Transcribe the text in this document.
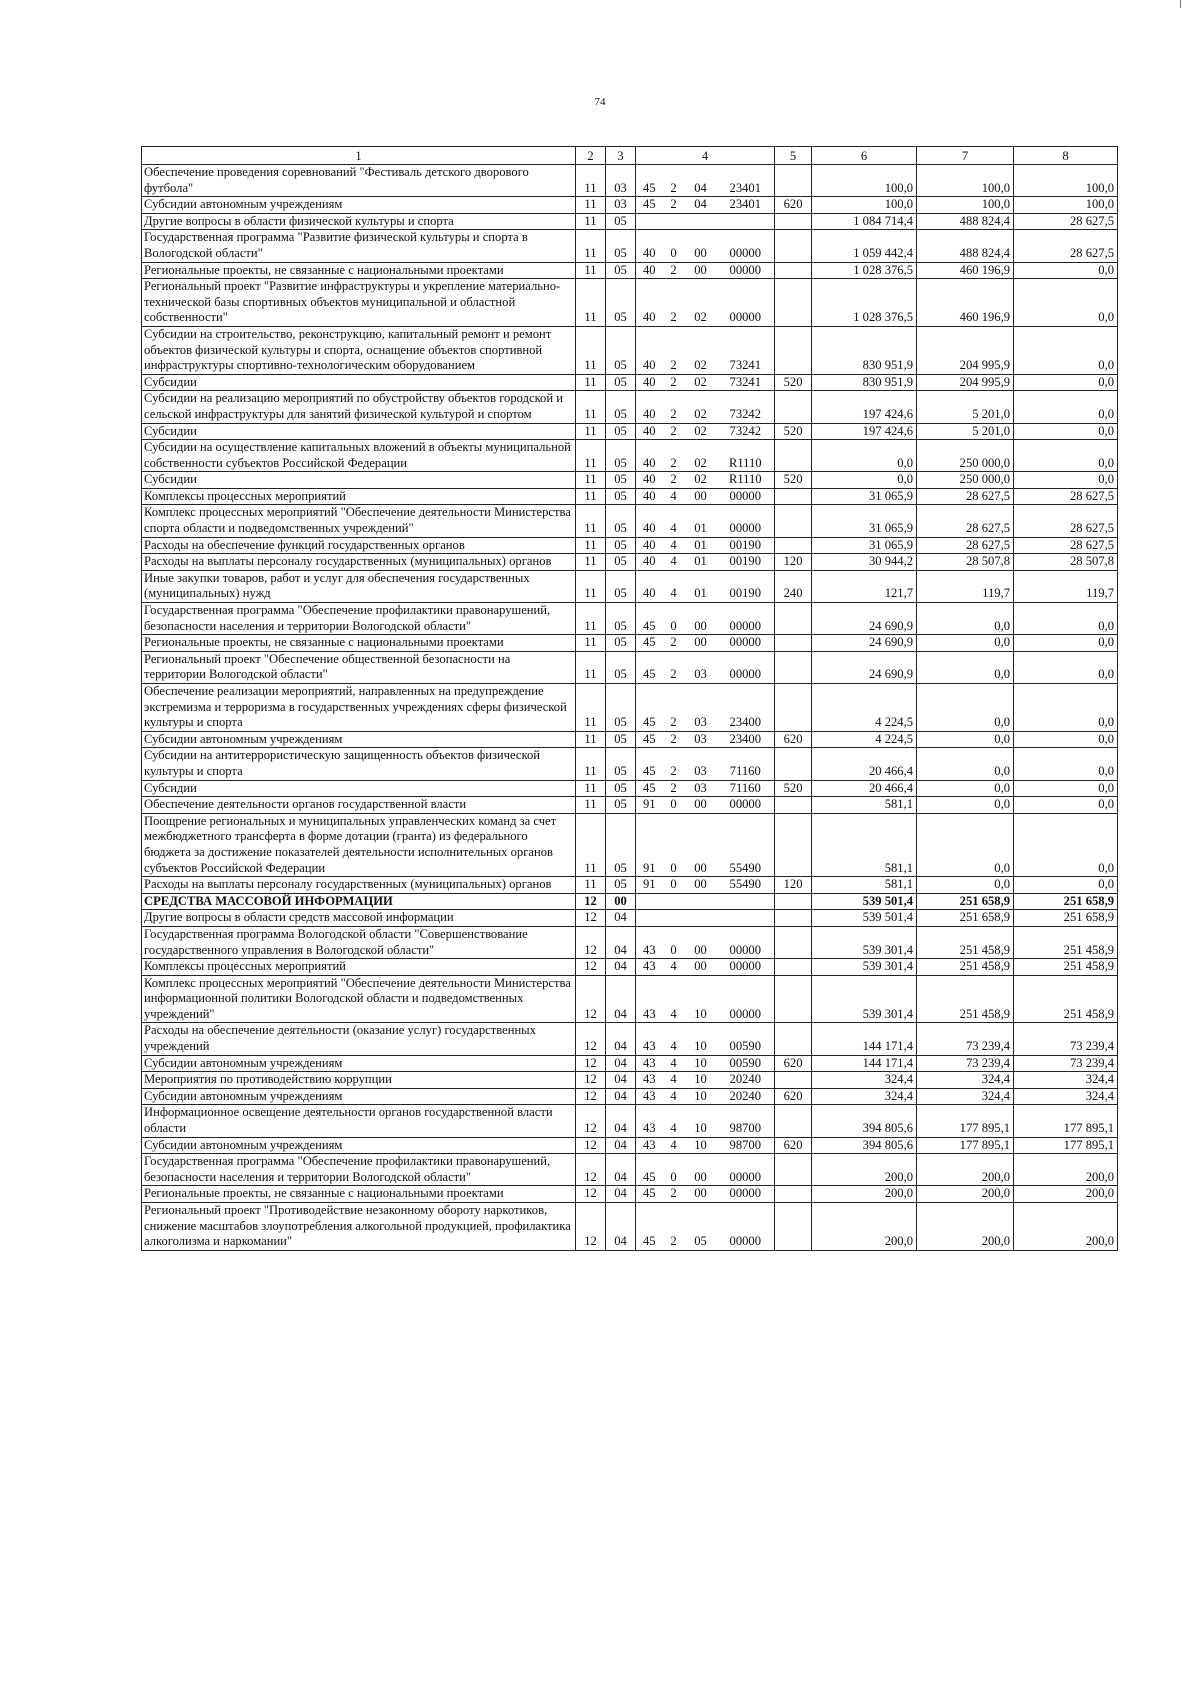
74
1	2	3	4				5	6	7	8
Обеспечение проведения соревнований "Фестиваль детского дворового футбола"	11	03	45	2	04	23401		100,0	100,0	100,0
Субсидии автономным учреждениям	11	03	45	2	04	23401	620	100,0	100,0	100,0
Другие вопросы в области физической культуры и спорта	11	05						1 084 714,4	488 824,4	28 627,5
Государственная программа "Развитие физической культуры и спорта в Вологодской области"	11	05	40	0	00	00000		1 059 442,4	488 824,4	28 627,5
Региональные проекты, не связанные с национальными проектами	11	05	40	2	00	00000		1 028 376,5	460 196,9	0,0
Региональный проект "Развитие инфраструктуры и укрепление материально-технической базы спортивных объектов муниципальной и областной собственности"	11	05	40	2	02	00000		1 028 376,5	460 196,9	0,0
Субсидии на строительство, реконструкцию, капитальный ремонт и ремонт объектов физической культуры и спорта, оснащение объектов спортивной инфраструктуры спортивно-технологическим оборудованием	11	05	40	2	02	73241		830 951,9	204 995,9	0,0
Субсидии	11	05	40	2	02	73241	520	830 951,9	204 995,9	0,0
Субсидии на реализацию мероприятий по обустройству объектов городской и сельской инфраструктуры для занятий физической культурой и спортом	11	05	40	2	02	73242		197 424,6	5 201,0	0,0
Субсидии	11	05	40	2	02	73242	520	197 424,6	5 201,0	0,0
Субсидии на осуществление капитальных вложений в объекты муниципальной собственности субъектов Российской Федерации	11	05	40	2	02	R1110		0,0	250 000,0	0,0
Субсидии	11	05	40	2	02	R1110	520	0,0	250 000,0	0,0
Комплексы процессных мероприятий	11	05	40	4	00	00000		31 065,9	28 627,5	28 627,5
Комплекс процессных мероприятий "Обеспечение деятельности Министерства спорта области и подведомственных учреждений"	11	05	40	4	01	00000		31 065,9	28 627,5	28 627,5
Расходы на обеспечение функций государственных органов	11	05	40	4	01	00190		31 065,9	28 627,5	28 627,5
Расходы на выплаты персоналу государственных (муниципальных) органов	11	05	40	4	01	00190	120	30 944,2	28 507,8	28 507,8
Иные закупки товаров, работ и услуг для обеспечения государственных (муниципальных) нужд	11	05	40	4	01	00190	240	121,7	119,7	119,7
Государственная программа "Обеспечение профилактики правонарушений, безопасности населения и территории Вологодской области"	11	05	45	0	00	00000		24 690,9	0,0	0,0
Региональные проекты, не связанные с национальными проектами	11	05	45	2	00	00000		24 690,9	0,0	0,0
Региональный проект "Обеспечение общественной безопасности на территории Вологодской области"	11	05	45	2	03	00000		24 690,9	0,0	0,0
Обеспечение реализации мероприятий, направленных на предупреждение экстремизма и терроризма в государственных учреждениях сферы физической культуры и спорта	11	05	45	2	03	23400		4 224,5	0,0	0,0
Субсидии автономным учреждениям	11	05	45	2	03	23400	620	4 224,5	0,0	0,0
Субсидии на антитеррористическую защищенность объектов физической культуры и спорта	11	05	45	2	03	71160		20 466,4	0,0	0,0
Субсидии	11	05	45	2	03	71160	520	20 466,4	0,0	0,0
Обеспечение деятельности органов государственной власти	11	05	91	0	00	00000		581,1	0,0	0,0
Поощрение региональных и муниципальных управленческих команд за счет межбюджетного трансферта в форме дотации (гранта) из федерального бюджета за достижение показателей деятельности исполнительных органов субъектов Российской Федерации	11	05	91	0	00	55490		581,1	0,0	0,0
Расходы на выплаты персоналу государственных (муниципальных) органов	11	05	91	0	00	55490	120	581,1	0,0	0,0
СРЕДСТВА МАССОВОЙ ИНФОРМАЦИИ	12	00						539 501,4	251 658,9	251 658,9
Другие вопросы в области средств массовой информации	12	04						539 501,4	251 658,9	251 658,9
Государственная программа Вологодской области "Совершенствование государственного управления в Вологодской области"	12	04	43	0	00	00000		539 301,4	251 458,9	251 458,9
Комплексы процессных мероприятий	12	04	43	4	00	00000		539 301,4	251 458,9	251 458,9
Комплекс процессных мероприятий "Обеспечение деятельности Министерства информационной политики Вологодской области и подведомственных учреждений"	12	04	43	4	10	00000		539 301,4	251 458,9	251 458,9
Расходы на обеспечение деятельности (оказание услуг) государственных учреждений	12	04	43	4	10	00590		144 171,4	73 239,4	73 239,4
Субсидии автономным учреждениям	12	04	43	4	10	00590	620	144 171,4	73 239,4	73 239,4
Мероприятия по противодействию коррупции	12	04	43	4	10	20240		324,4	324,4	324,4
Субсидии автономным учреждениям	12	04	43	4	10	20240	620	324,4	324,4	324,4
Информационное освещение деятельности органов государственной власти области	12	04	43	4	10	98700		394 805,6	177 895,1	177 895,1
Субсидии автономным учреждениям	12	04	43	4	10	98700	620	394 805,6	177 895,1	177 895,1
Государственная программа "Обеспечение профилактики правонарушений, безопасности населения и территории Вологодской области"	12	04	45	0	00	00000		200,0	200,0	200,0
Региональные проекты, не связанные с национальными проектами	12	04	45	2	00	00000		200,0	200,0	200,0
Региональный проект "Противодействие незаконному обороту наркотиков, снижение масштабов злоупотребления алкогольной продукцией, профилактика алкоголизма и наркомании"	12	04	45	2	05	00000		200,0	200,0	200,0
